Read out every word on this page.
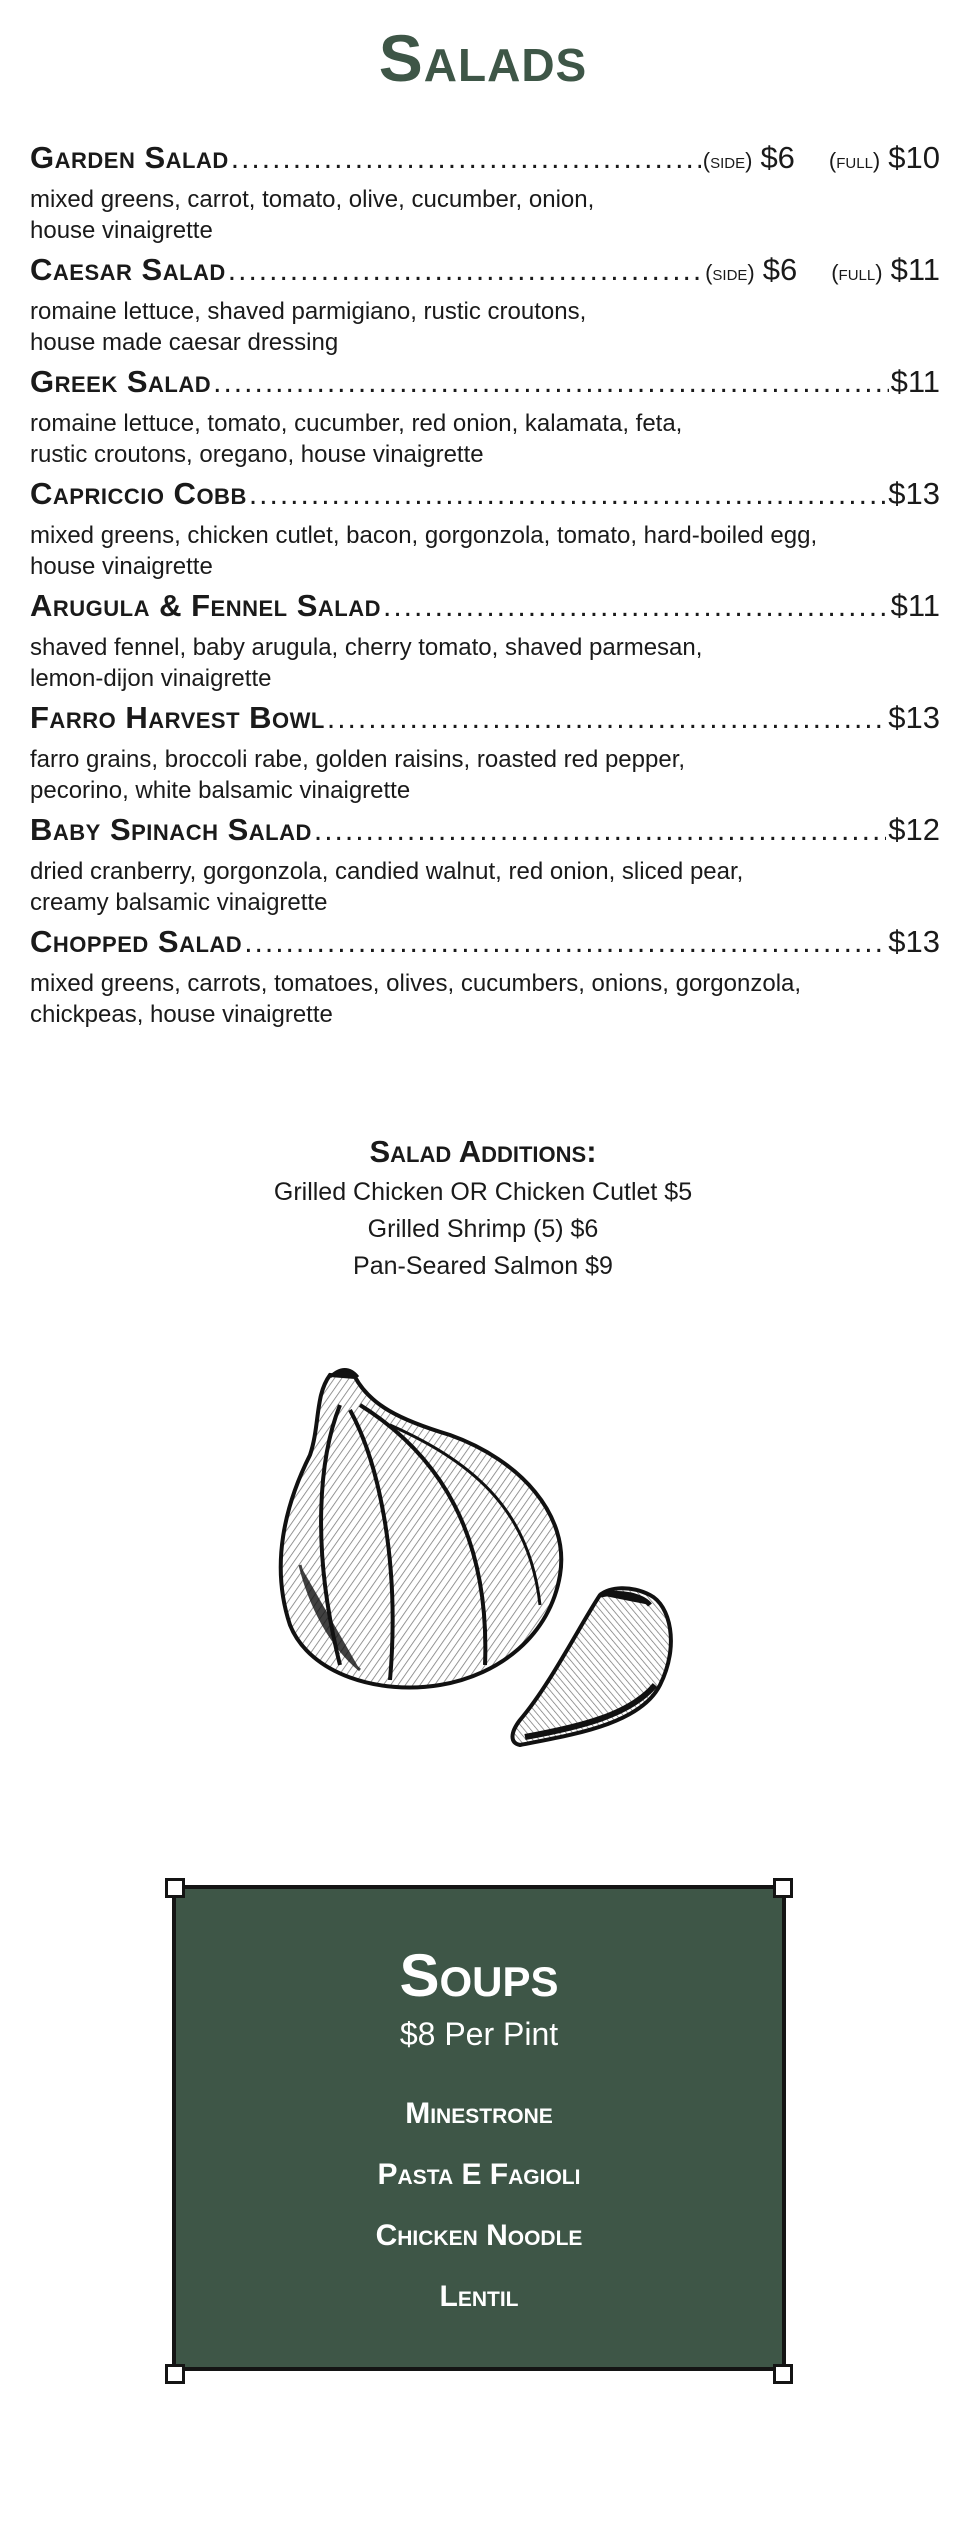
Salads
Garden Salad .....	(side) $6 (full) $10
mixed greens, carrot, tomato, olive, cucumber, onion,
house vinaigrette
Caesar Salad .....	(side) $6 (full) $11
romaine lettuce, shaved parmigiano, rustic croutons,
house made caesar dressing
Greek Salad .....	$11
romaine lettuce, tomato, cucumber, red onion, kalamata, feta,
rustic croutons, oregano, house vinaigrette
Capriccio Cobb .....	$13
mixed greens, chicken cutlet, bacon, gorgonzola, tomato, hard-boiled egg,
house vinaigrette
Arugula & Fennel Salad .....	$11
shaved fennel, baby arugula, cherry tomato, shaved parmesan,
lemon-dijon vinaigrette
Farro Harvest Bowl .....	$13
farro grains, broccoli rabe, golden raisins, roasted red pepper,
pecorino, white balsamic vinaigrette
Baby Spinach Salad .....	$12
dried cranberry, gorgonzola, candied walnut, red onion, sliced pear,
creamy balsamic vinaigrette
Chopped Salad .....	$13
mixed greens, carrots, tomatoes, olives, cucumbers, onions, gorgonzola,
chickpeas, house vinaigrette
Salad Additions:
Grilled Chicken OR Chicken Cutlet $5
Grilled Shrimp (5) $6
Pan-Seared Salmon $9
Soups
$8 Per Pint
Minestrone
Pasta E Fagioli
Chicken Noodle
Lentil
